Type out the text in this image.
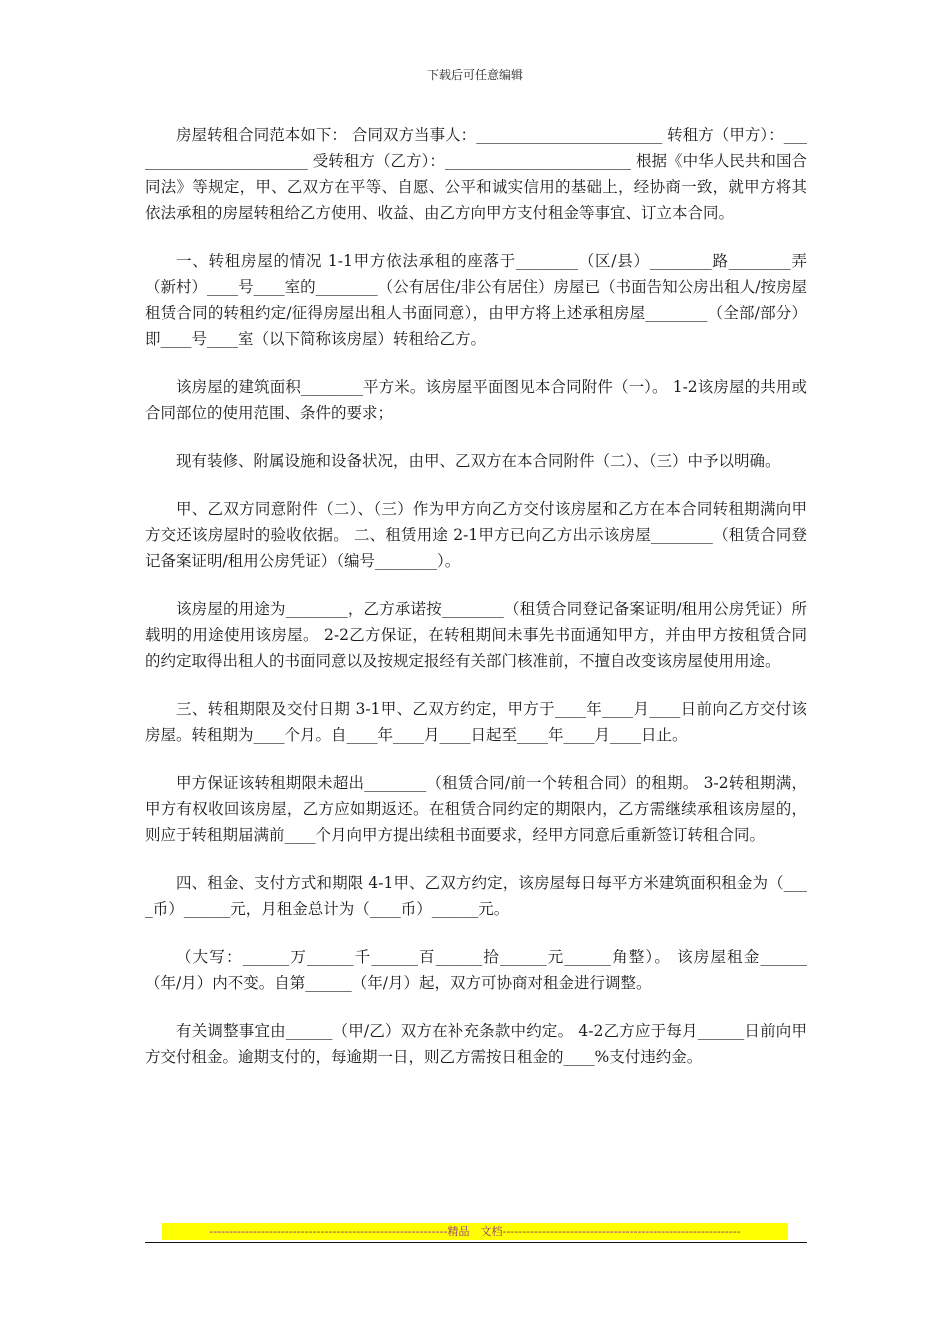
下载后可任意编辑

房屋转租合同范本如下： 合同双方当事人：________________________ 转租方（甲方）：________________________ 受转租方（乙方）：________________________ 根据《中华人民共和国合同法》等规定，甲、乙双方在平等、自愿、公平和诚实信用的基础上，经协商一致，就甲方将其依法承租的房屋转租给乙方使用、收益、由乙方向甲方支付租金等事宜、订立本合同。

一、转租房屋的情况 1-1甲方依法承租的座落于________（区/县）________路________弄（新村）____号____室的________（公有居住/非公有居住）房屋已（书面告知公房出租人/按房屋租赁合同的转租约定/征得房屋出租人书面同意），由甲方将上述承租房屋________（全部/部分）即____号____室（以下简称该房屋）转租给乙方。

该房屋的建筑面积________平方米。该房屋平面图见本合同附件（一）。 1-2该房屋的共用或合同部位的使用范围、条件的要求；

现有装修、附属设施和设备状况，由甲、乙双方在本合同附件（二）、（三）中予以明确。

甲、乙双方同意附件（二）、（三）作为甲方向乙方交付该房屋和乙方在本合同转租期满向甲方交还该房屋时的验收依据。 二、租赁用途 2-1甲方已向乙方出示该房屋________（租赁合同登记备案证明/租用公房凭证）（编号________）。

该房屋的用途为________，乙方承诺按________（租赁合同登记备案证明/租用公房凭证）所载明的用途使用该房屋。 2-2乙方保证，在转租期间未事先书面通知甲方，并由甲方按租赁合同的约定取得出租人的书面同意以及按规定报经有关部门核准前，不擅自改变该房屋使用用途。

三、转租期限及交付日期 3-1甲、乙双方约定，甲方于____年____月____日前向乙方交付该房屋。转租期为____个月。自____年____月____日起至____年____月____日止。

甲方保证该转租期限未超出________（租赁合同/前一个转租合同）的租期。 3-2转租期满，甲方有权收回该房屋，乙方应如期返还。在租赁合同约定的期限内，乙方需继续承租该房屋的，则应于转租期届满前____个月向甲方提出续租书面要求，经甲方同意后重新签订转租合同。

四、租金、支付方式和期限 4-1甲、乙双方约定，该房屋每日每平方米建筑面积租金为（____币）______元，月租金总计为（____币）______元。

（大写：______万______千______百______拾______元______角整）。 该房屋租金______（年/月）内不变。自第______（年/月）起，双方可协商对租金进行调整。

有关调整事宜由______（甲/乙）双方在补充条款中约定。 4-2乙方应于每月______日前向甲方交付租金。逾期支付的，每逾期一日，则乙方需按日租金的____%支付违约金。

------------------------------------------------------------精品　文档------------------------------------------------------------
